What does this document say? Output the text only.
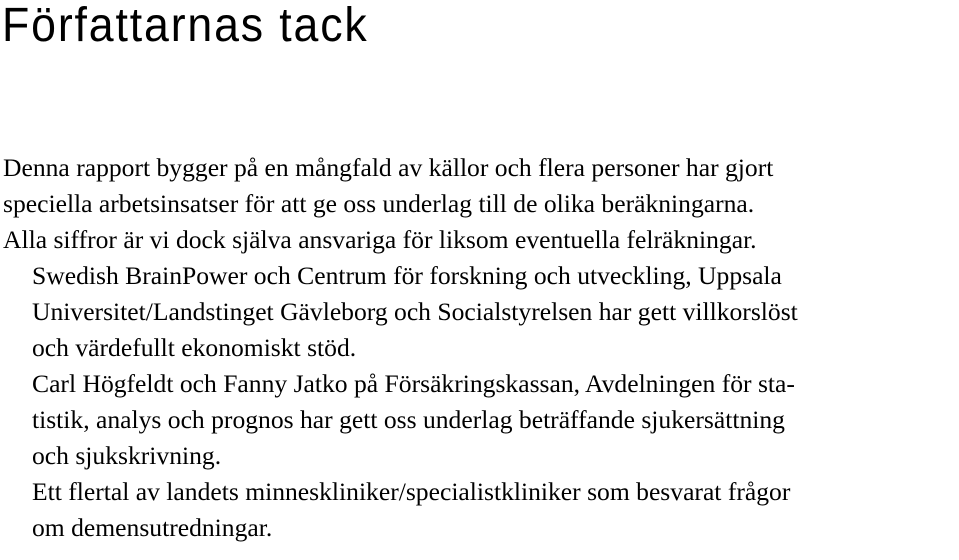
Författarnas tack

Denna rapport bygger på en mångfald av källor och flera personer har gjort
speciella arbetsinsatser för att ge oss underlag till de olika beräkningarna.
Alla siffror är vi dock själva ansvariga för liksom eventuella felräkningar.

Swedish BrainPower och Centrum för forskning och utveckling, Uppsala
Universitet/Landstinget Gävleborg och Socialstyrelsen har gett villkorslöst
och värdefullt ekonomiskt stöd.

Carl Högfeldt och Fanny Jatko på Försäkringskassan, Avdelningen för sta-
tistik, analys och prognos har gett oss underlag beträffande sjukersättning
och sjukskrivning.

Ett flertal av landets minneskliniker/specialistkliniker som besvarat frågor
om demensutredningar.
